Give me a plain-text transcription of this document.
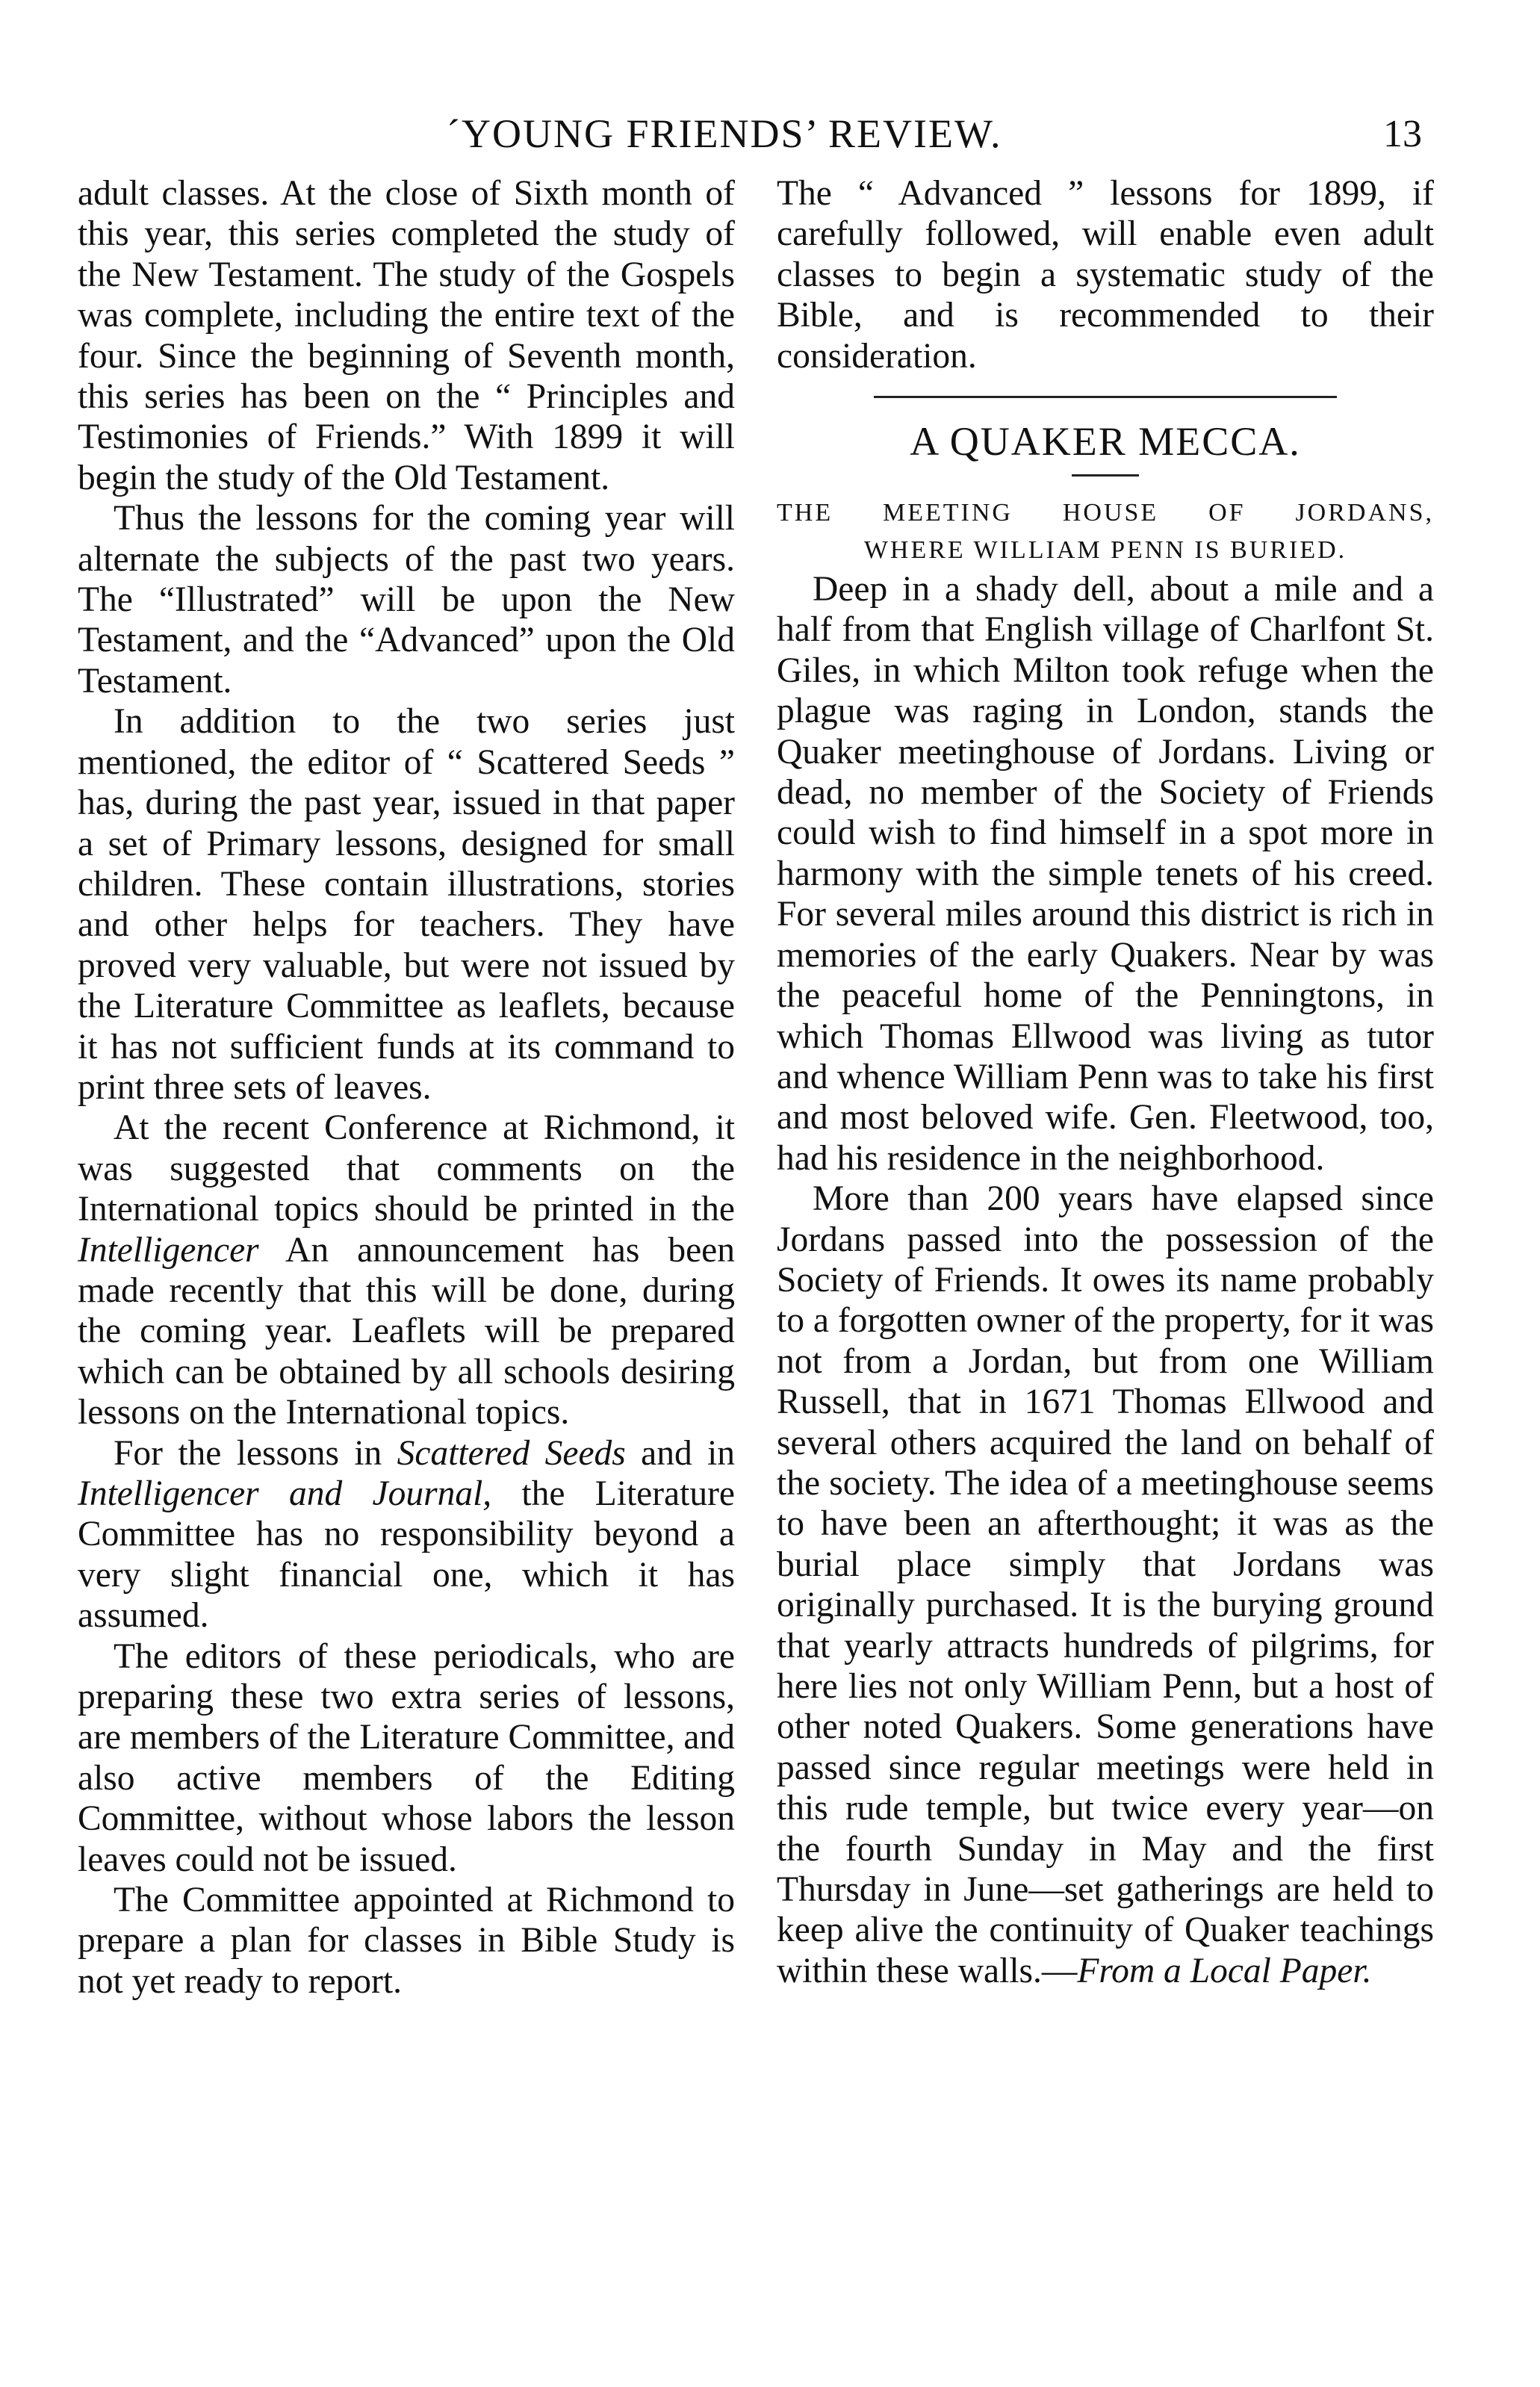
´YOUNG FRIENDS’ REVIEW.	13

adult classes. At the close of Sixth month of this year, this series completed the study of the New Testament. The study of the Gospels was complete, including the entire text of the four. Since the beginning of Seventh month, this series has been on the “ Principles and Testimonies of Friends.” With 1899 it will begin the study of the Old Testament.

Thus the lessons for the coming year will alternate the subjects of the past two years. The “Illustrated” will be upon the New Testament, and the “Advanced” upon the Old Testament.

In addition to the two series just mentioned, the editor of “ Scattered Seeds ” has, during the past year, issued in that paper a set of Primary lessons, designed for small children. These contain illustrations, stories and other helps for teachers. They have proved very valuable, but were not issued by the Literature Committee as leaflets, because it has not sufficient funds at its command to print three sets of leaves.

At the recent Conference at Richmond, it was suggested that comments on the International topics should be printed in the Intelligencer An announcement has been made recently that this will be done, during the coming year. Leaflets will be prepared which can be obtained by all schools desiring lessons on the International topics.

For the lessons in Scattered Seeds and in Intelligencer and Journal, the Literature Committee has no responsibility beyond a very slight financial one, which it has assumed.

The editors of these periodicals, who are preparing these two extra series of lessons, are members of the Literature Committee, and also active members of the Editing Committee, without whose labors the lesson leaves could not be issued.

The Committee appointed at Richmond to prepare a plan for classes in Bible Study is not yet ready to report.

The “ Advanced ” lessons for 1899, if carefully followed, will enable even adult classes to begin a systematic study of the Bible, and is recommended to their consideration.

A QUAKER MECCA.
THE MEETING HOUSE OF JORDANS,
WHERE WILLIAM PENN IS BURIED.

Deep in a shady dell, about a mile and a half from that English village of Charlfont St. Giles, in which Milton took refuge when the plague was raging in London, stands the Quaker meetinghouse of Jordans. Living or dead, no member of the Society of Friends could wish to find himself in a spot more in harmony with the simple tenets of his creed. For several miles around this district is rich in memories of the early Quakers. Near by was the peaceful home of the Penningtons, in which Thomas Ellwood was living as tutor and whence William Penn was to take his first and most beloved wife. Gen. Fleetwood, too, had his residence in the neighborhood.

More than 200 years have elapsed since Jordans passed into the possession of the Society of Friends. It owes its name probably to a forgotten owner of the property, for it was not from a Jordan, but from one William Russell, that in 1671 Thomas Ellwood and several others acquired the land on behalf of the society. The idea of a meetinghouse seems to have been an afterthought; it was as the burial place simply that Jordans was originally purchased. It is the burying ground that yearly attracts hundreds of pilgrims, for here lies not only William Penn, but a host of other noted Quakers. Some generations have passed since regular meetings were held in this rude temple, but twice every year—on the fourth Sunday in May and the first Thursday in June—set gatherings are held to keep alive the continuity of Quaker teachings within these walls.—From a Local Paper.
